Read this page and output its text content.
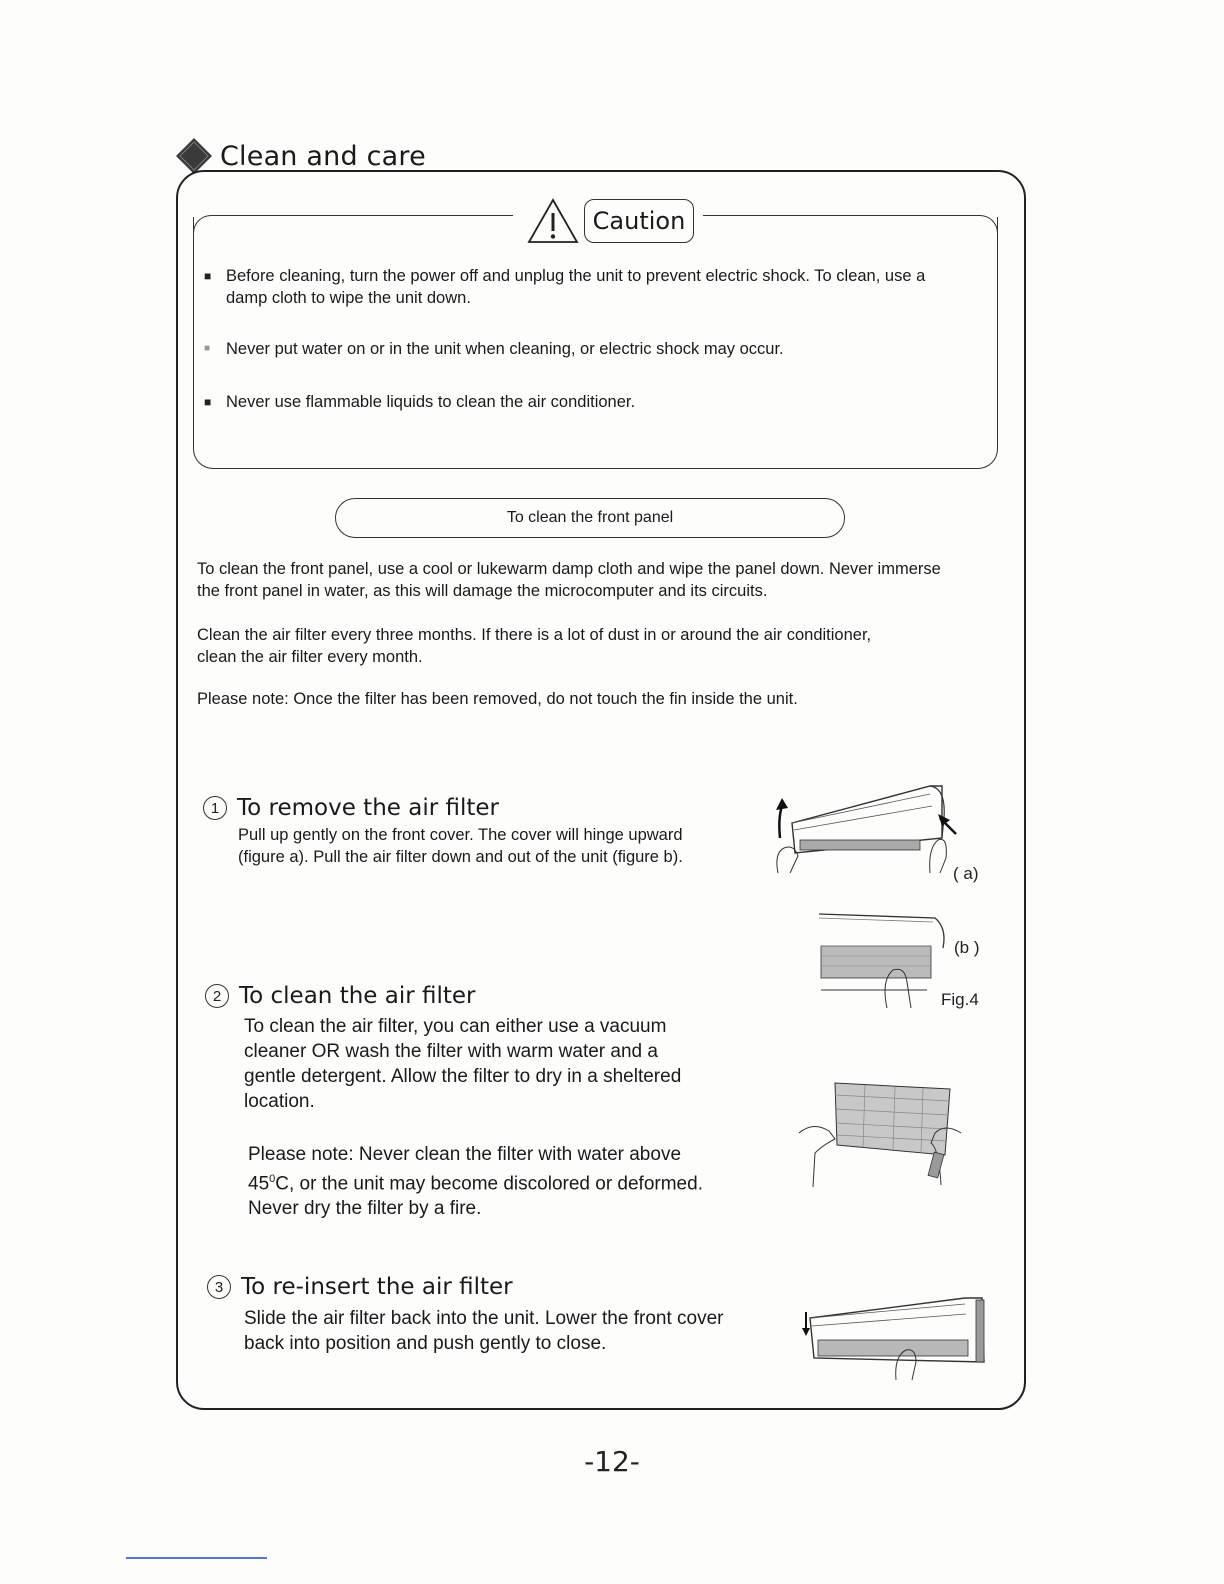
Clean and care
Caution
■ Before cleaning, turn the power off and unplug the unit to prevent electric shock. To clean, use a
damp cloth to wipe the unit down.
■ Never put water on or in the unit when cleaning, or electric shock may occur.
■ Never use flammable liquids to clean the air conditioner.
To clean the front panel
To clean the front panel, use a cool or lukewarm damp cloth and wipe the panel down. Never immerse
the front panel in water, as this will damage the microcomputer and its circuits.
Clean the air filter every three months. If there is a lot of dust in or around the air conditioner,
clean the air filter every month.
Please note: Once the filter has been removed, do not touch the fin inside the unit.
1 To remove the air filter
Pull up gently on the front cover. The cover will hinge upward
(figure a). Pull the air filter down and out of the unit (figure b).
2 To clean the air filter
To clean the air filter, you can either use a vacuum
cleaner OR wash the filter with warm water and a
gentle detergent. Allow the filter to dry in a sheltered
location.
Please note: Never clean the filter with water above
$45^0C$, or the unit may become discolored or deformed.
Never dry the filter by a fire.
3 To re-insert the air filter
Slide the air filter back into the unit. Lower the front cover
back into position and push gently to close.
( a)
(b )
Fig.4
-12-
